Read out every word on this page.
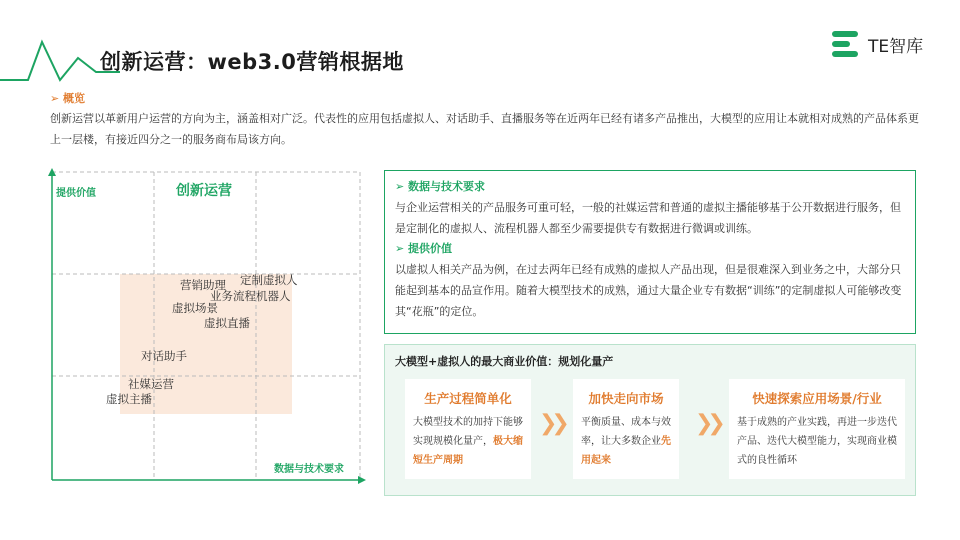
创新运营：web3.0营销根据地
TE智库
➢ 概览
创新运营以革新用户运营的方向为主，涵盖相对广泛。代表性的应用包括虚拟人、对话助手、直播服务等在近两年已经有诸多产品推出，大模型的应用让本就相对成熟的产品体系更上一层楼，有接近四分之一的服务商布局该方向。
创新运营
提供价值
数据与技术要求
营销助理 定制虚拟人
业务流程机器人
虚拟场景
虚拟直播
对话助手
社媒运营
虚拟主播
➢ 数据与技术要求
与企业运营相关的产品服务可重可轻，一般的社媒运营和普通的虚拟主播能够基于公开数据进行服务，但是定制化的虚拟人、流程机器人都至少需要提供专有数据进行微调或训练。
➢ 提供价值
以虚拟人相关产品为例，在过去两年已经有成熟的虚拟人产品出现，但是很难深入到业务之中，大部分只能起到基本的品宣作用。随着大模型技术的成熟，通过大量企业专有数据“训练”的定制虚拟人可能够改变其“花瓶”的定位。
大模型+虚拟人的最大商业价值：规划化量产
生产过程简单化
大模型技术的加持下能够实现规模化量产，极大缩短生产周期
❯❯
加快走向市场
平衡质量、成本与效率，让大多数企业先用起来
❯❯
快速探索应用场景/行业
基于成熟的产业实践，再进一步迭代产品、迭代大模型能力，实现商业模式的良性循环
